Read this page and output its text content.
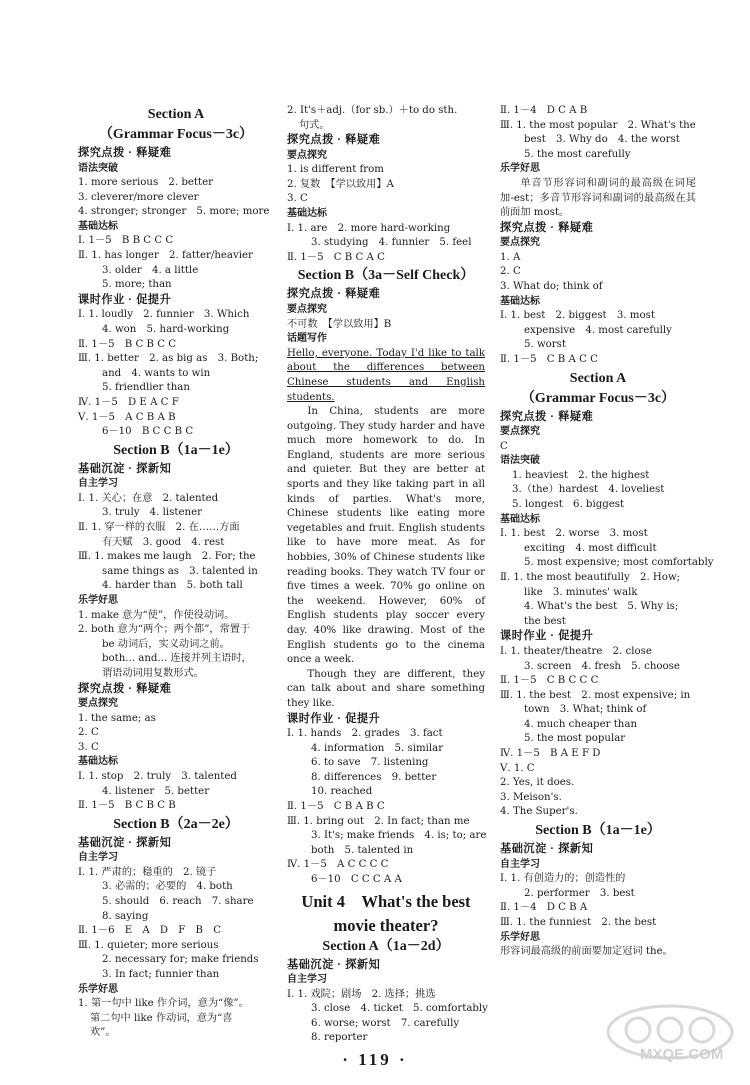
Section A
（Grammar Focus－3c）
探究点拨 · 释疑难
语法突破
1. more serious　2. better
3. cleverer/more clever
4. stronger; stronger　5. more; more
基础达标
Ⅰ. 1－5　B B C C C
Ⅱ. 1. has longer　2. fatter/heavier
3. older　4. a little
5. more; than
课时作业 · 促提升
Ⅰ. 1. loudly　2. funnier　3. Which
4. won　5. hard-working
Ⅱ. 1－5　B C B C C
Ⅲ. 1. better　2. as big as　3. Both;
and　4. wants to win
5. friendlier than
Ⅳ. 1－5　D E A C F
Ⅴ. 1－5　A C B A B
6－10　B C C B C
Section B（1a－1e）
基础沉淀 · 探新知
自主学习
Ⅰ. 1. 关心；在意　2. talented
3. truly　4. listener
Ⅱ. 1. 穿一样的衣服　2. 在……方面
有天赋　3. good　4. rest
Ⅲ. 1. makes me laugh　2. For; the
same things as　3. talented in
4. harder than　5. both tall
乐学好思
1. make 意为“使”，作使役动词。
2. both 意为“两个；两个都”，常置于
be 动词后，实义动词之前。
both... and... 连接并列主语时，
谓语动词用复数形式。
探究点拨 · 释疑难
要点探究
1. the same; as
2. C
3. C
基础达标
Ⅰ. 1. stop　2. truly　3. talented
4. listener　5. better
Ⅱ. 1－5　B C B C B
Section B（2a－2e）
基础沉淀 · 探新知
自主学习
Ⅰ. 1. 严肃的；稳重的　2. 镜子
3. 必需的；必要的　4. both
5. should　6. reach　7. share
8. saying
Ⅱ. 1－6　E　A　D　F　B　C
Ⅲ. 1. quieter; more serious
2. necessary for; make friends
3. In fact; funnier than
乐学好思
1. 第一句中 like 作介词，意为“像”。
第二句中 like 作动词，意为“喜
欢”。
2. It's＋adj.（for sb.）＋to do sth.
句式。
探究点拨 · 释疑难
要点探究
1. is different from
2. 复数　【学以致用】A
3. C
基础达标
Ⅰ. 1. are　2. more hard-working
3. studying　4. funnier　5. feel
Ⅱ. 1－5　C B C A C
Section B（3a－Self Check）
探究点拨 · 释疑难
要点探究
不可数　【学以致用】B
话题写作
Hello, everyone. Today I'd like to talk about the differences between Chinese students and English students.
In China, students are more outgoing. They study harder and have much more homework to do. In England, students are more serious and quieter. But they are better at sports and they like taking part in all kinds of parties. What's more, Chinese students like eating more vegetables and fruit. English students like to have more meat. As for hobbies, 30% of Chinese students like reading books. They watch TV four or five times a week. 70% go online on the weekend. However, 60% of English students play soccer every day. 40% like drawing. Most of the English students go to the cinema once a week.
Though they are different, they can talk about and share something they like.
课时作业 · 促提升
Ⅰ. 1. hands　2. grades　3. fact
4. information　5. similar
6. to save　7. listening
8. differences　9. better
10. reached
Ⅱ. 1－5　C B A B C
Ⅲ. 1. bring out　2. In fact; than me
3. It's; make friends　4. is; to; are
both　5. talented in
Ⅳ. 1－5　A C C C C
6－10　C C C A A
Unit 4　What's the best
movie theater?
Section A（1a－2d）
基础沉淀 · 探新知
自主学习
Ⅰ. 1. 戏院；剧场　2. 选择；挑选
3. close　4. ticket　5. comfortably
6. worse; worst　7. carefully
8. reporter
Ⅱ. 1－4　D C A B
Ⅲ. 1. the most popular　2. What's the
best　3. Why do　4. the worst
5. the most carefully
乐学好思
单音节形容词和副词的最高级在词尾加-est；多音节形容词和副词的最高级在其前面加 most。
探究点拨 · 释疑难
要点探究
1. A
2. C
3. What do; think of
基础达标
Ⅰ. 1. best　2. biggest　3. most
expensive　4. most carefully
5. worst
Ⅱ. 1－5　C B A C C
Section A
（Grammar Focus－3c）
探究点拨 · 释疑难
要点探究
C
语法突破
1. heaviest　2. the highest
3.（the）hardest　4. loveliest
5. longest　6. biggest
基础达标
Ⅰ. 1. best　2. worse　3. most
exciting　4. most difficult
5. most expensive; most comfortably
Ⅱ. 1. the most beautifully　2. How;
like　3. minutes' walk
4. What's the best　5. Why is;
the best
课时作业 · 促提升
Ⅰ. 1. theater/theatre　2. close
3. screen　4. fresh　5. choose
Ⅱ. 1－5　C B C C C
Ⅲ. 1. the best　2. most expensive; in
town　3. What; think of
4. much cheaper than
5. the most popular
Ⅳ. 1－5　B A E F D
Ⅴ. 1. C
2. Yes, it does.
3. Meison's.
4. The Super's.
Section B（1a－1e）
基础沉淀 · 探新知
自主学习
Ⅰ. 1. 有创造力的；创造性的
2. performer　3. best
Ⅱ. 1－4　D C B A
Ⅲ. 1. the funniest　2. the best
乐学好思
形容词最高级的前面要加定冠词 the。
· 119 ·	MXQE.COM
